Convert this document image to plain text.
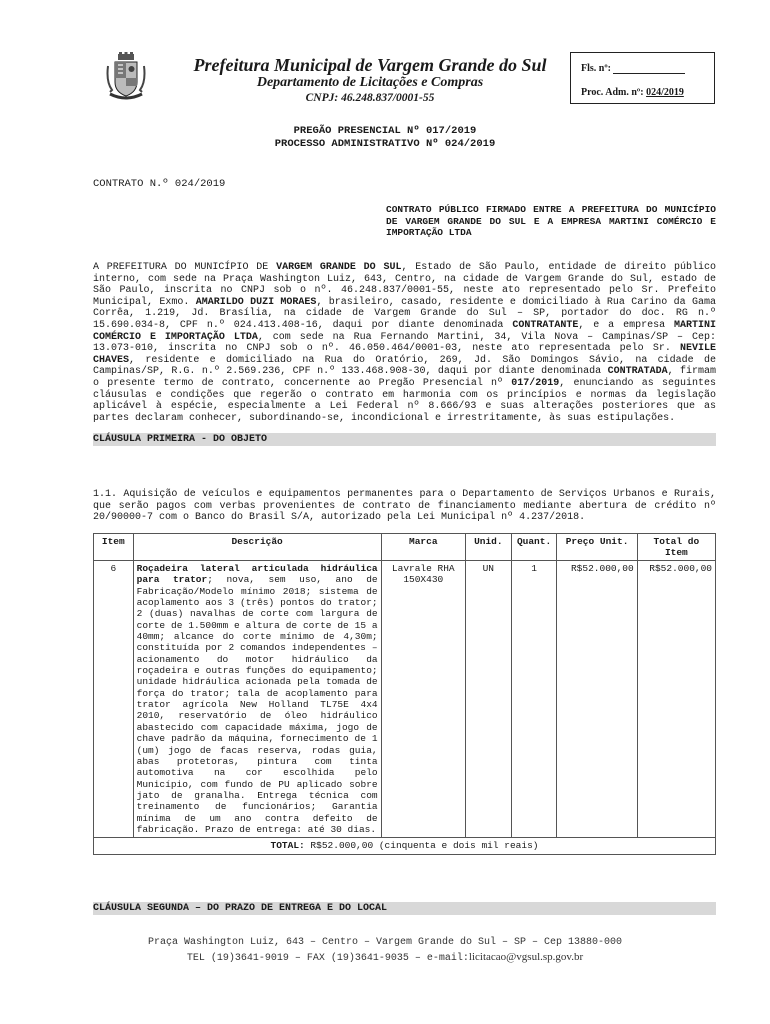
Prefeitura Municipal de Vargem Grande do Sul
Departamento de Licitações e Compras
CNPJ: 46.248.837/0001-55
Fls. nº:
Proc. Adm. nº: 024/2019
PREGÃO PRESENCIAL Nº 017/2019
PROCESSO ADMINISTRATIVO Nº 024/2019
CONTRATO N.º 024/2019
CONTRATO PÚBLICO FIRMADO ENTRE A PREFEITURA DO MUNICÍPIO DE VARGEM GRANDE DO SUL E A EMPRESA MARTINI COMÉRCIO E IMPORTAÇÃO LTDA
A PREFEITURA DO MUNICÍPIO DE VARGEM GRANDE DO SUL, Estado de São Paulo, entidade de direito público interno, com sede na Praça Washington Luiz, 643, Centro, na cidade de Vargem Grande do Sul, estado de São Paulo, inscrita no CNPJ sob o nº. 46.248.837/0001-55, neste ato representado pelo Sr. Prefeito Municipal, Exmo. AMARILDO DUZI MORAES, brasileiro, casado, residente e domiciliado à Rua Carino da Gama Corrêa, 1.219, Jd. Brasília, na cidade de Vargem Grande do Sul – SP, portador do doc. RG n.º 15.690.034-8, CPF n.º 024.413.408-16, daqui por diante denominada CONTRATANTE, e a empresa MARTINI COMÉRCIO E IMPORTAÇÃO LTDA, com sede na Rua Fernando Martini, 34, Vila Nova – Campinas/SP – Cep: 13.073-010, inscrita no CNPJ sob o nº. 46.050.464/0001-03, neste ato representada pelo Sr. NEVILE CHAVES, residente e domiciliado na Rua do Oratório, 269, Jd. São Domingos Sávio, na cidade de Campinas/SP, R.G. n.º 2.569.236, CPF n.º 133.468.908-30, daqui por diante denominada CONTRATADA, firmam o presente termo de contrato, concernente ao Pregão Presencial nº 017/2019, enunciando as seguintes cláusulas e condições que regerão o contrato em harmonia com os princípios e normas da legislação aplicável à espécie, especialmente a Lei Federal nº 8.666/93 e suas alterações posteriores que as partes declaram conhecer, subordinando-se, incondicional e irrestritamente, às suas estipulações.
CLÁUSULA PRIMEIRA - DO OBJETO
1.1. Aquisição de veículos e equipamentos permanentes para o Departamento de Serviços Urbanos e Rurais, que serão pagos com verbas provenientes de contrato de financiamento mediante abertura de crédito nº 20/90000-7 com o Banco do Brasil S/A, autorizado pela Lei Municipal nº 4.237/2018.
Item	Descrição	Marca	Unid.	Quant.	Preço Unit.	Total do Item
6	Roçadeira lateral articulada hidráulica para trator; nova, sem uso, ano de Fabricação/Modelo mínimo 2018; sistema de acoplamento aos 3 (três) pontos do trator; 2 (duas) navalhas de corte com largura de corte de 1.500mm e altura de corte de 15 a 40mm; alcance do corte mínimo de 4,30m; constituída por 2 comandos independentes – acionamento do motor hidráulico da roçadeira e outras funções do equipamento; unidade hidráulica acionada pela tomada de força do trator; tala de acoplamento para trator agrícola New Holland TL75E 4x4 2010, reservatório de óleo hidráulico abastecido com capacidade máxima, jogo de chave padrão da máquina, fornecimento de 1 (um) jogo de facas reserva, rodas guia, abas protetoras, pintura com tinta automotiva na cor escolhida pelo Município, com fundo de PU aplicado sobre jato de granalha. Entrega técnica com treinamento de funcionários; Garantia mínima de um ano contra defeito de fabricação. Prazo de entrega: até 30 dias.	Lavrale RHA 150X430	UN	1	R$52.000,00	R$52.000,00
TOTAL: R$52.000,00 (cinquenta e dois mil reais)						
CLÁUSULA SEGUNDA – DO PRAZO DE ENTREGA E DO LOCAL
Praça Washington Luiz, 643 – Centro – Vargem Grande do Sul – SP – Cep 13880-000
TEL (19)3641-9019 – FAX (19)3641-9035 – e-mail:licitacao@vgsul.sp.gov.br
